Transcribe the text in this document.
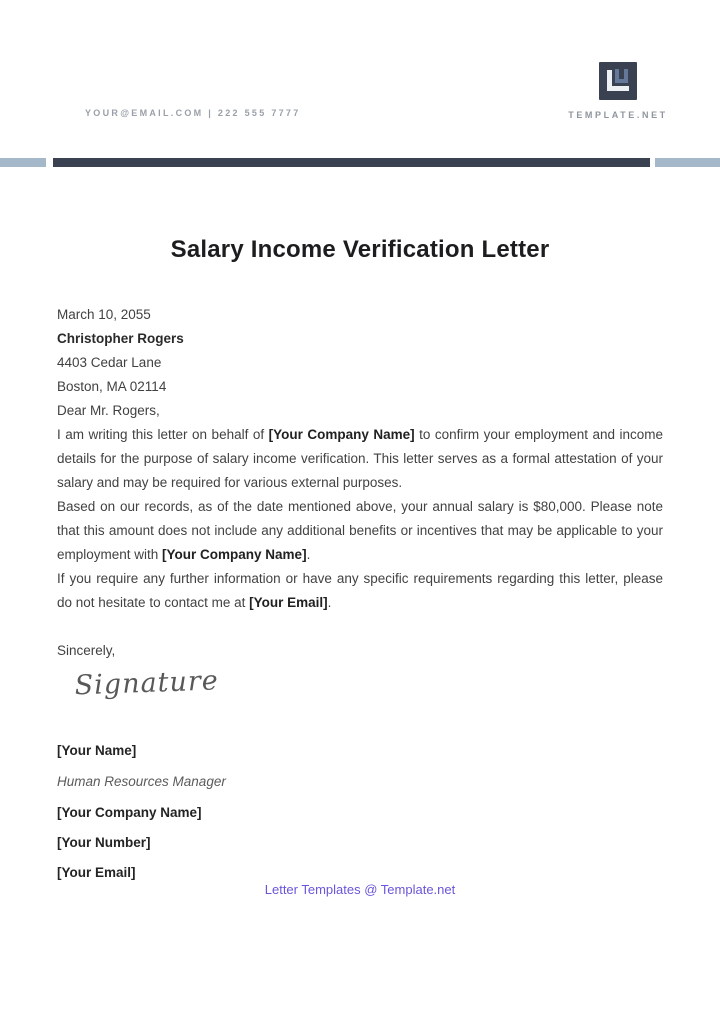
YOUR@EMAIL.COM | 222 555 7777	TEMPLATE.NET
Salary Income Verification Letter
March 10, 2055
Christopher Rogers
4403 Cedar Lane
Boston, MA 02114
Dear Mr. Rogers,

I am writing this letter on behalf of [Your Company Name] to confirm your employment and income details for the purpose of salary income verification. This letter serves as a formal attestation of your salary and may be required for various external purposes.

Based on our records, as of the date mentioned above, your annual salary is $80,000. Please note that this amount does not include any additional benefits or incentives that may be applicable to your employment with [Your Company Name].

If you require any further information or have any specific requirements regarding this letter, please do not hesitate to contact me at [Your Email].

Sincerely,
Signature
[Your Name]
Human Resources Manager
[Your Company Name]
[Your Number]
[Your Email]
Letter Templates @ Template.net
